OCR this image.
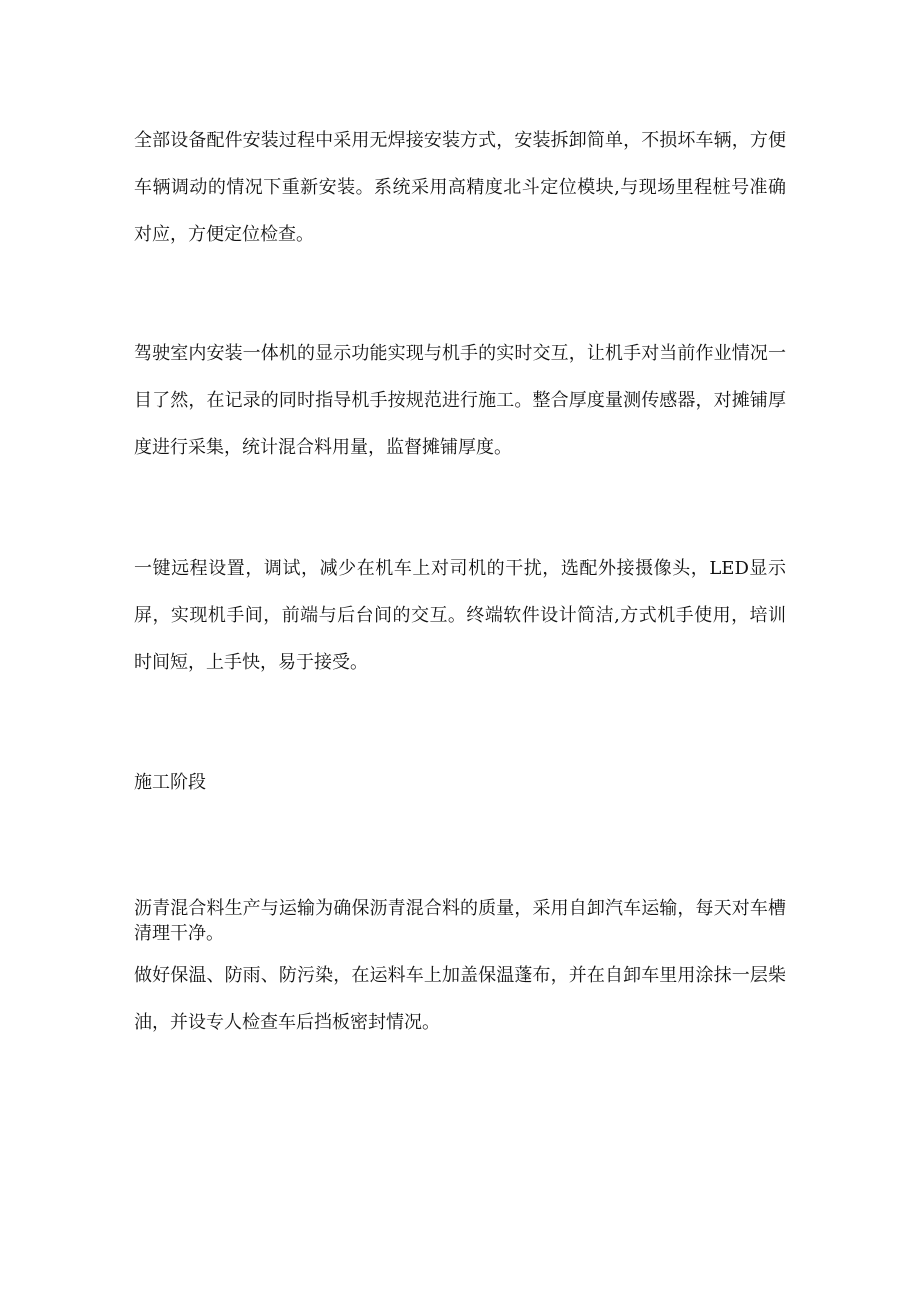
全部设备配件安装过程中采用无焊接安装方式，安装拆卸简单，不损坏车辆，方便车辆调动的情况下重新安装。系统采用高精度北斗定位模块,与现场里程桩号准确对应，方便定位检查。

驾驶室内安装一体机的显示功能实现与机手的实时交互，让机手对当前作业情况一目了然，在记录的同时指导机手按规范进行施工。整合厚度量测传感器，对摊铺厚度进行采集，统计混合料用量，监督摊铺厚度。

一键远程设置，调试，减少在机车上对司机的干扰，选配外接摄像头，LED显示屏，实现机手间，前端与后台间的交互。终端软件设计简洁,方式机手使用，培训时间短，上手快，易于接受。

施工阶段

沥青混合料生产与运输为确保沥青混合料的质量，采用自卸汽车运输，每天对车槽清理干净。

做好保温、防雨、防污染，在运料车上加盖保温蓬布，并在自卸车里用涂抹一层柴油，并设专人检查车后挡板密封情况。
